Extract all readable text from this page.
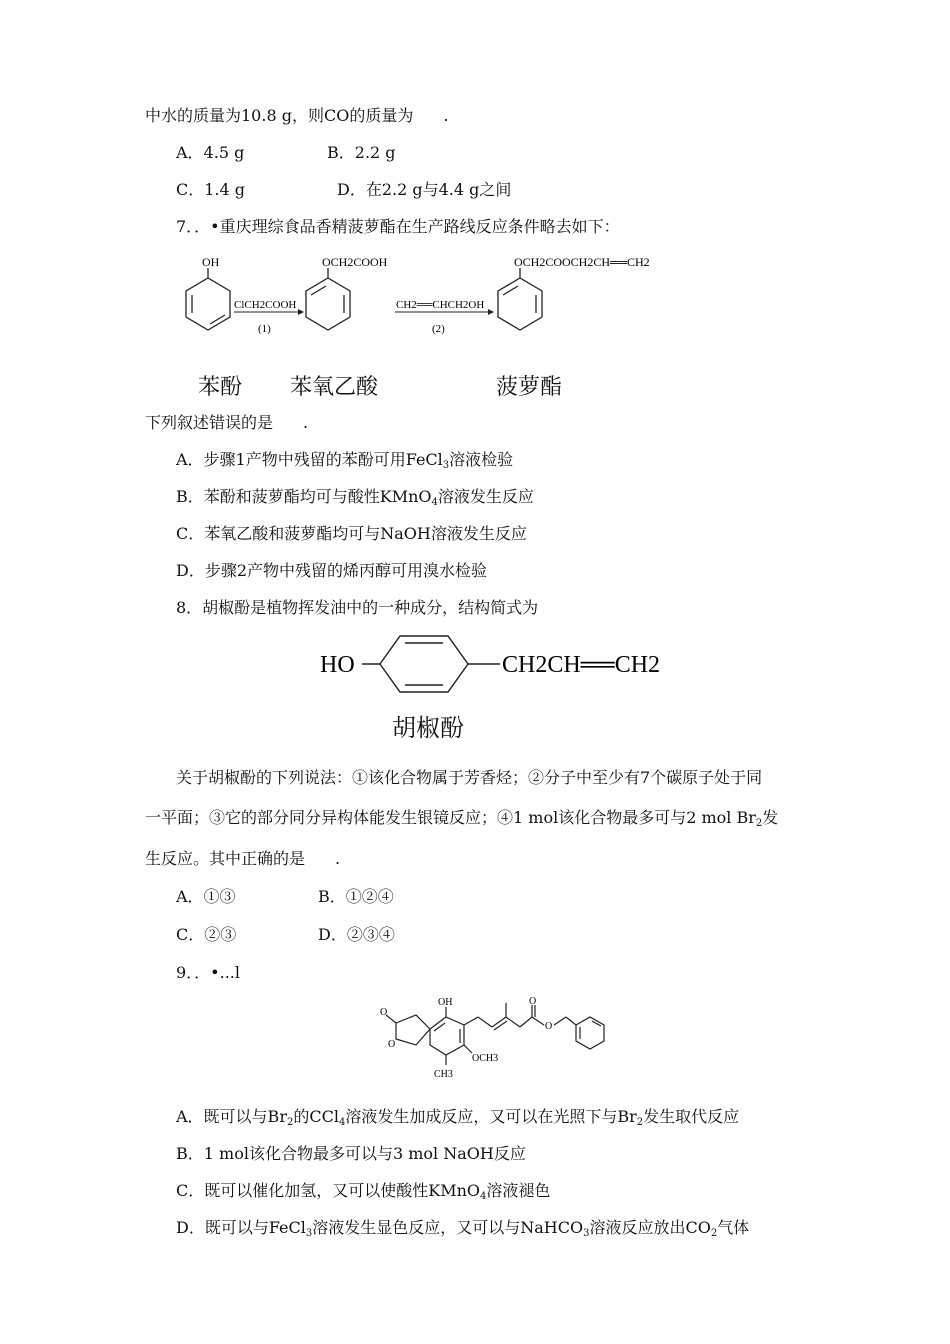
中水的质量为10.8 g，则CO的质量为 .
A．4.5 g	B．2.2 g
C．1.4 g	D．在2.2 g与4.4 g之间
7．．•重庆理综食品香精菠萝酯在生产路线反应条件略去如下：
OH
ClCH2COOH
(1)
OCH2COOH
CH2══CHCH2OH
(2)
OCH2COOCH2CH══CH2
苯酚 苯氧乙酸	菠萝酯
下列叙述错误的是 .
A．步骤1产物中残留的苯酚可用FeCl$_3$溶液检验
B．苯酚和菠萝酯均可与酸性KMnO$_4$溶液发生反应
C．苯氧乙酸和菠萝酯均可与NaOH溶液发生反应
D．步骤2产物中残留的烯丙醇可用溴水检验
8．胡椒酚是植物挥发油中的一种成分，结构简式为
HO	CH2CH══CH2
胡椒酚
关于胡椒酚的下列说法：①该化合物属于芳香烃；②分子中至少有7个碳原子处于同
一平面；③它的部分同分异构体能发生银镜反应；④1 mol该化合物最多可与2 mol $Br_2$发
生反应。其中正确的是 .
A．①③	B．①②④
C．②③	D．②③④
9．．•...l
OH
O
O
O
O
OCH3
CH3
A．既可以与$Br_2$的CCl$_4$溶液发生加成反应，又可以在光照下与$Br_2$发生取代反应
B．1 mol该化合物最多可以与3 mol NaOH反应
C．既可以催化加氢，又可以使酸性KMnO$_4$溶液褪色
D．既可以与FeCl$_3$溶液发生显色反应，又可以与NaHCO$_3$溶液反应放出$CO_2$气体
